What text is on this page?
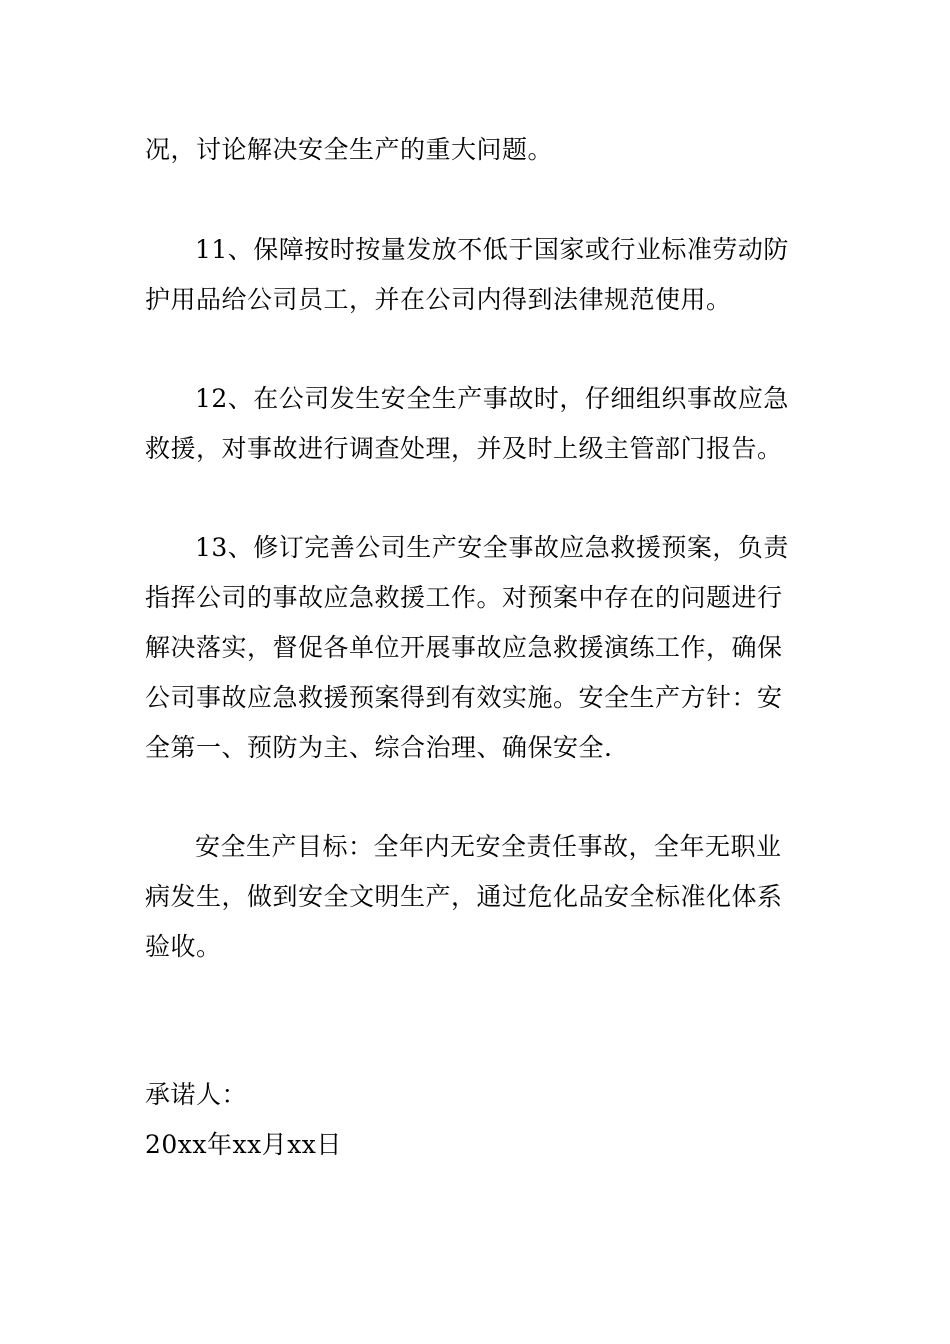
况，讨论解决安全生产的重大问题。
11、保障按时按量发放不低于国家或行业标准劳动防
护用品给公司员工，并在公司内得到法律规范使用。
12、在公司发生安全生产事故时，仔细组织事故应急
救援，对事故进行调查处理，并及时上级主管部门报告。
13、修订完善公司生产安全事故应急救援预案，负责
指挥公司的事故应急救援工作。对预案中存在的问题进行
解决落实，督促各单位开展事故应急救援演练工作，确保
公司事故应急救援预案得到有效实施。安全生产方针：安
全第一、预防为主、综合治理、确保安全.
安全生产目标：全年内无安全责任事故，全年无职业
病发生，做到安全文明生产，通过危化品安全标准化体系
验收。
承诺人：
20xx年xx月xx日
